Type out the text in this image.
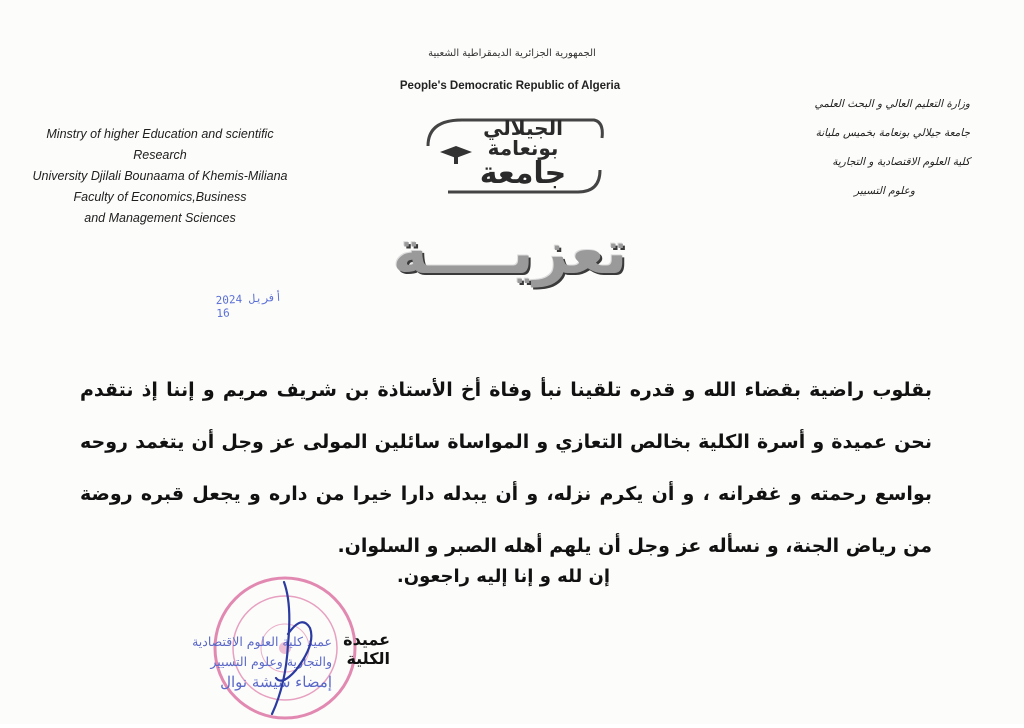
الجمهورية الجزائرية الديمقراطية الشعبية
People's Democratic Republic of Algeria
Minstry of higher Education and scientific
Research
University Djilali Bounaama of Khemis-Miliana
Faculty of Economics,Business
and Management Sciences
وزارة التعليم العالي و البحث العلمي
جامعة جيلالي بونعامة بخميس مليانة
كلية العلوم الاقتصادية و التجارية
وعلوم التسيير
الجيلالي
بونعامة
جامعة
تعزيــــة
2024 أفريل 16
بقلوب راضية بقضاء الله و قدره تلقينا نبأ وفاة أخ الأستاذة بن شريف مريم و إننا إذ نتقدم نحن عميدة و أسرة الكلية بخالص التعازي و المواساة سائلين المولى عز وجل أن يتغمد روحه بواسع رحمته و غفرانه ، و أن يكرم نزله، و أن يبدله دارا خيرا من داره و يجعل قبره روضة من رياض الجنة، و نسأله عز وجل أن يلهم أهله الصبر و السلوان.
إن لله و إنا إليه راجعون.
عميد كلية العلوم الاقتصادية
والتجارية وعلوم التسيير
إمضاء شيشة نوال
عميدة الكلية
